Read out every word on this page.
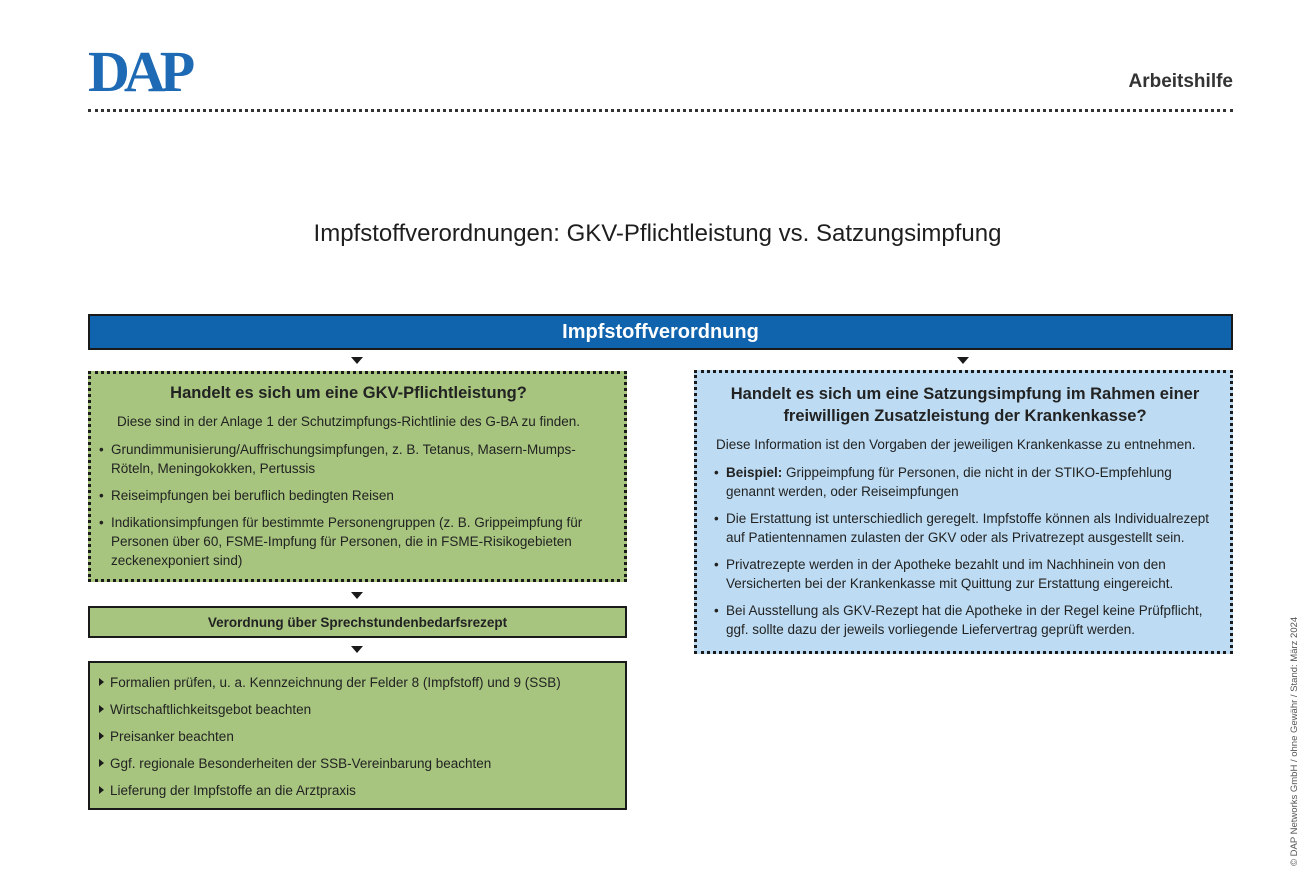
DAP	Arbeitshilfe
Impfstoffverordnungen: GKV-Pflichtleistung vs. Satzungsimpfung
Impfstoffverordnung
Handelt es sich um eine GKV-Pflichtleistung?
Diese sind in der Anlage 1 der Schutzimpfungs-Richtlinie des G-BA zu finden.
• Grundimmunisierung/Auffrischungsimpfungen, z. B. Tetanus, Masern-Mumps-Röteln, Meningokokken, Pertussis
• Reiseimpfungen bei beruflich bedingten Reisen
• Indikationsimpfungen für bestimmte Personengruppen (z. B. Grippeimpfung für Personen über 60, FSME-Impfung für Personen, die in FSME-Risikogebieten zeckenexponiert sind)
Verordnung über Sprechstundenbedarfsrezept
Formalien prüfen, u. a. Kennzeichnung der Felder 8 (Impfstoff) und 9 (SSB)
Wirtschaftlichkeitsgebot beachten
Preisanker beachten
Ggf. regionale Besonderheiten der SSB-Vereinbarung beachten
Lieferung der Impfstoffe an die Arztpraxis
Handelt es sich um eine Satzungsimpfung im Rahmen einer freiwilligen Zusatzleistung der Krankenkasse?
Diese Information ist den Vorgaben der jeweiligen Krankenkasse zu entnehmen.
• Beispiel: Grippeimpfung für Personen, die nicht in der STIKO-Empfehlung genannt werden, oder Reiseimpfungen
• Die Erstattung ist unterschiedlich geregelt. Impfstoffe können als Individualrezept auf Patientennamen zulasten der GKV oder als Privatrezept ausgestellt sein.
• Privatrezepte werden in der Apotheke bezahlt und im Nachhinein von den Versicherten bei der Krankenkasse mit Quittung zur Erstattung eingereicht.
• Bei Ausstellung als GKV-Rezept hat die Apotheke in der Regel keine Prüfpflicht, ggf. sollte dazu der jeweils vorliegende Liefervertrag geprüft werden.	© DAP Networks GmbH / ohne Gewähr / Stand: März 2024
